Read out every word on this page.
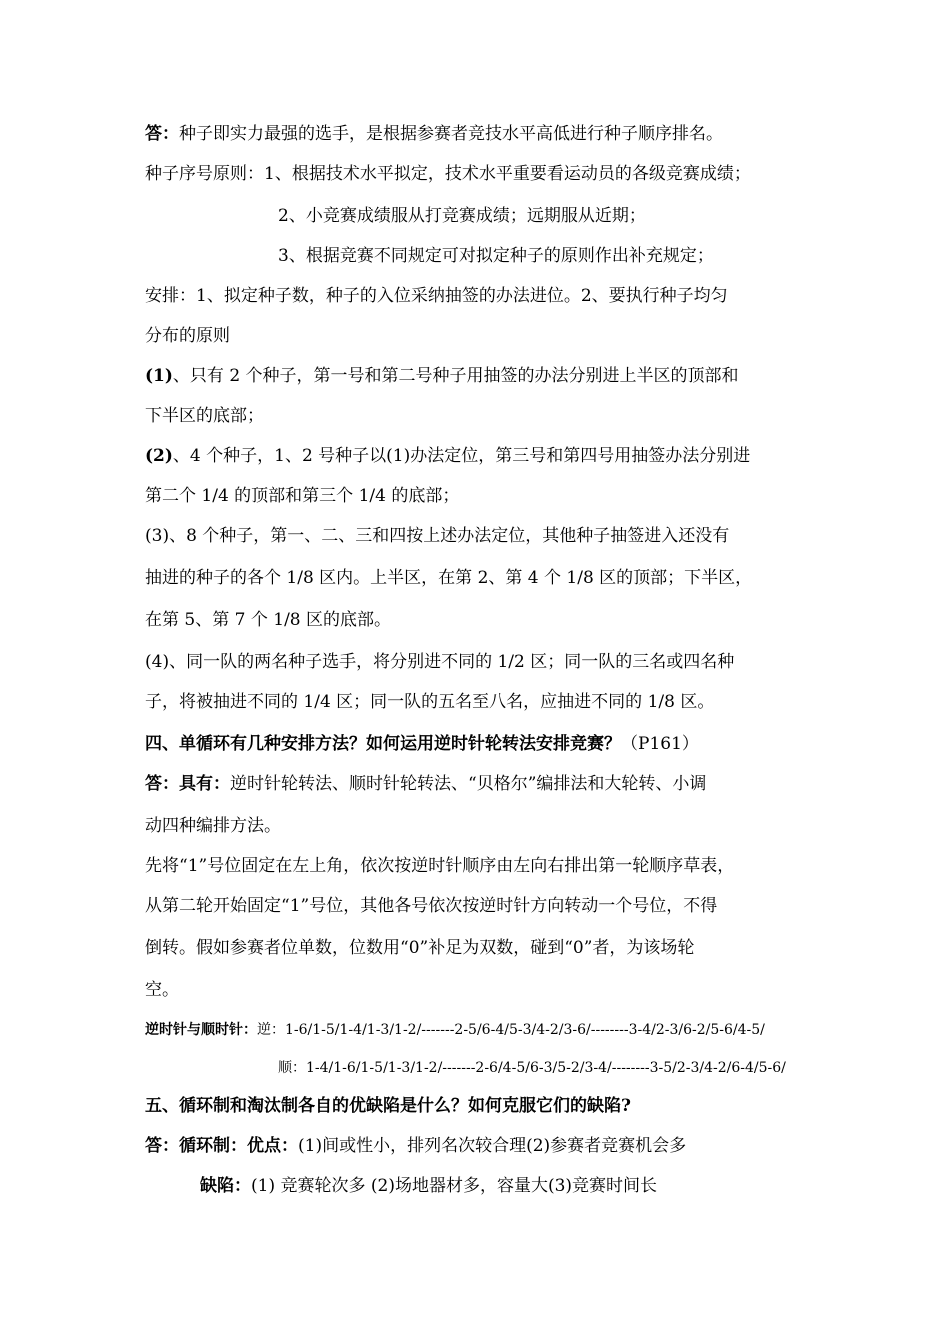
答：种子即实力最强的选手，是根据参赛者竞技水平高低进行种子顺序排名。
种子序号原则：1、根据技术水平拟定，技术水平重要看运动员的各级竞赛成绩；
2、小竞赛成绩服从打竞赛成绩；远期服从近期；
3、根据竞赛不同规定可对拟定种子的原则作出补充规定；
安排：1、拟定种子数，种子的入位采纳抽签的办法进位。2、要执行种子均匀
分布的原则
(1)、只有 2 个种子，第一号和第二号种子用抽签的办法分别进上半区的顶部和
下半区的底部；
(2)、4 个种子，1、2 号种子以(1)办法定位，第三号和第四号用抽签办法分别进
第二个 1/4 的顶部和第三个 1/4 的底部；
(3)、8 个种子，第一、二、三和四按上述办法定位，其他种子抽签进入还没有
抽进的种子的各个 1/8 区内。上半区，在第 2、第 4 个 1/8 区的顶部；下半区，
在第 5、第 7 个 1/8 区的底部。
(4)、同一队的两名种子选手，将分别进不同的 1/2 区；同一队的三名或四名种
子，将被抽进不同的 1/4 区；同一队的五名至八名，应抽进不同的 1/8 区。
四、单循环有几种安排方法？如何运用逆时针轮转法安排竞赛？（P161）
答：具有：逆时针轮转法、顺时针轮转法、“贝格尔”编排法和大轮转、小调
动四种编排方法。
先将“1”号位固定在左上角，依次按逆时针顺序由左向右排出第一轮顺序草表，
从第二轮开始固定“1”号位，其他各号依次按逆时针方向转动一个号位，不得
倒转。假如参赛者位单数，位数用“0”补足为双数，碰到“0”者，为该场轮
空。
逆时针与顺时针：逆：1-6/1-5/1-4/1-3/1-2/-------2-5/6-4/5-3/4-2/3-6/--------3-4/2-3/6-2/5-6/4-5/
顺：1-4/1-6/1-5/1-3/1-2/-------2-6/4-5/6-3/5-2/3-4/--------3-5/2-3/4-2/6-4/5-6/
五、循环制和淘汰制各自的优缺陷是什么？如何克服它们的缺陷?
答：循环制：优点：(1)间或性小，排列名次较合理(2)参赛者竞赛机会多
缺陷：(1) 竞赛轮次多 (2)场地器材多，容量大(3)竞赛时间长
